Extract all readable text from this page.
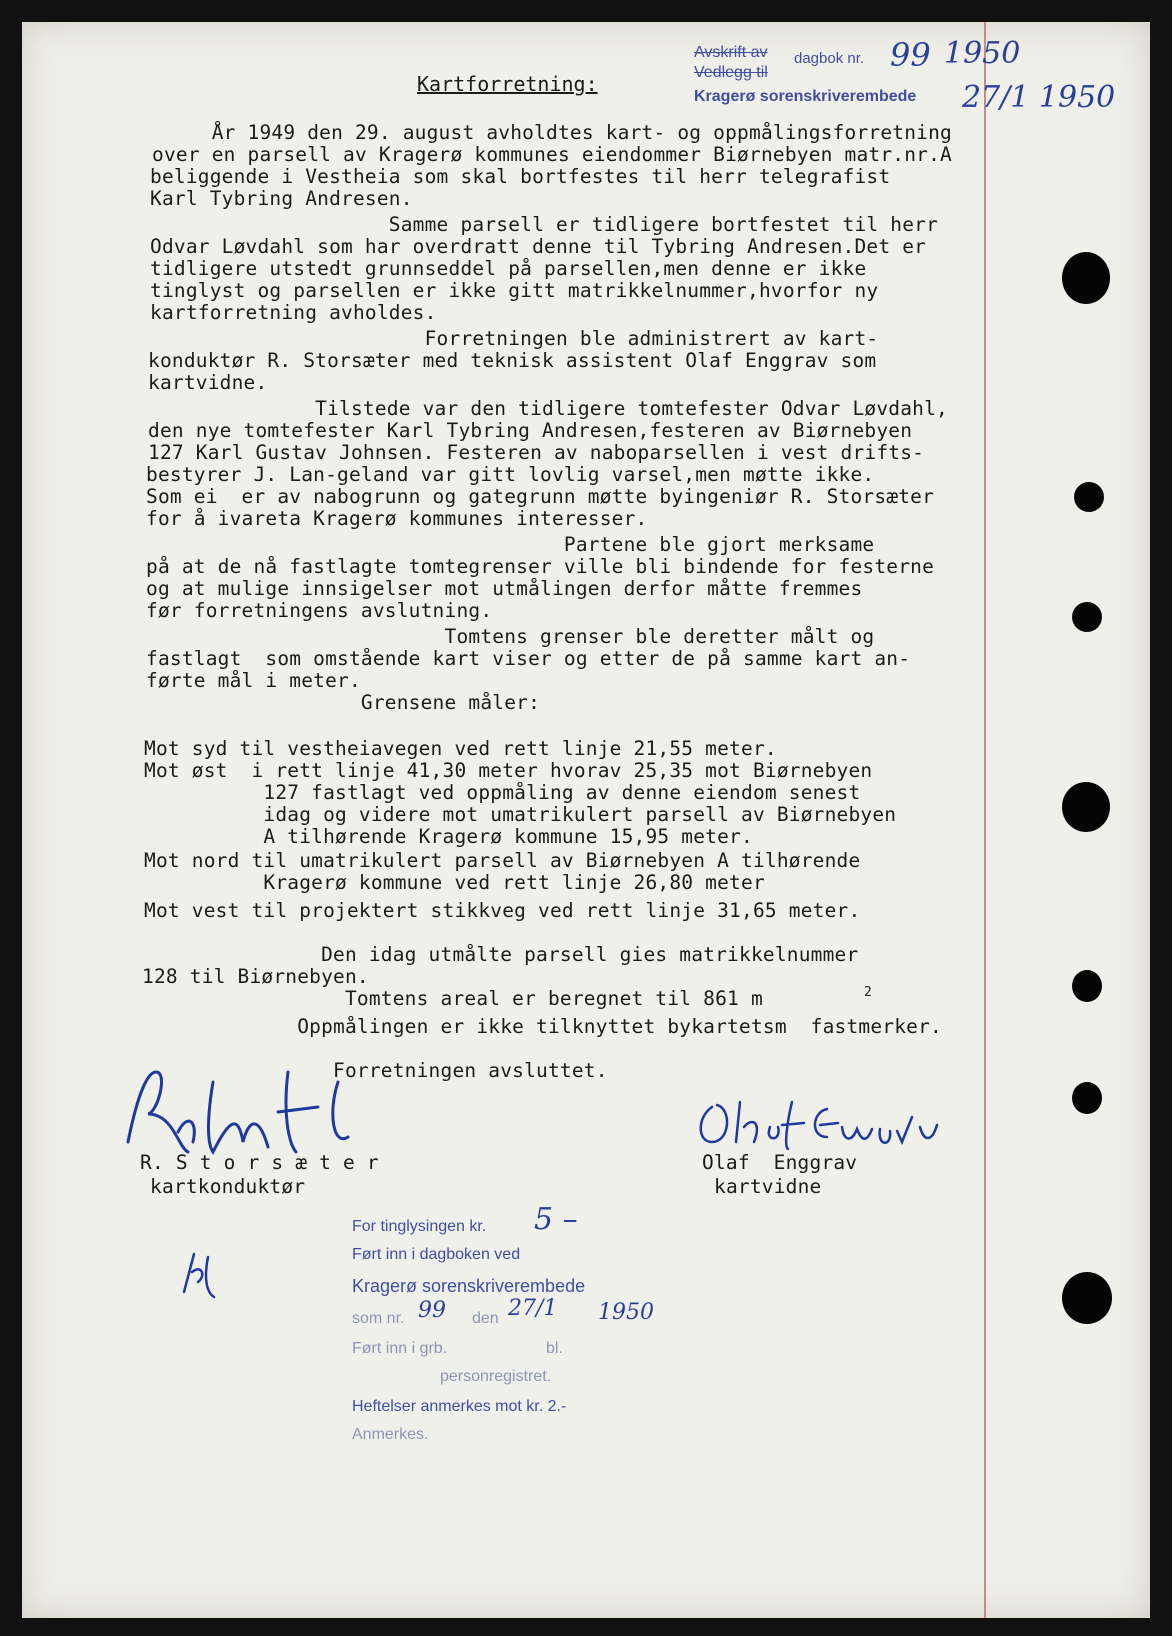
Avskrift av dagbok nr. 99 1950
Vedlegg til
Kragerø sorenskriverembede 27/1 1950
Kartforretning:
År 1949 den 29. august avholdtes kart- og oppmålingsforretning
over en parsell av Kragerø kommunes eiendommer Biørnebyen matr.nr.A
beliggende i Vestheia som skal bortfestes til herr telegrafist
Karl Tybring Andresen.
Samme parsell er tidligere bortfestet til herr
Odvar Løvdahl som har overdratt denne til Tybring Andresen.Det er
tidligere utstedt grunnseddel på parsellen,men denne er ikke
tinglyst og parsellen er ikke gitt matrikkelnummer,hvorfor ny
kartforretning avholdes.
Forretningen ble administrert av kart-
konduktør R. Storsæter med teknisk assistent Olaf Enggrav som
kartvidne.
Tilstede var den tidligere tomtefester Odvar Løvdahl,
den nye tomtefester Karl Tybring Andresen,festeren av Biørnebyen
127 Karl Gustav Johnsen. Festeren av naboparsellen i vest drifts-
bestyrer J. Lan-geland var gitt lovlig varsel,men møtte ikke.
Som ei  er av nabogrunn og gategrunn møtte byingeniør R. Storsæter
for å ivareta Kragerø kommunes interesser.
Partene ble gjort merksame
på at de nå fastlagte tomtegrenser ville bli bindende for festerne
og at mulige innsigelser mot utmålingen derfor måtte fremmes
før forretningens avslutning.
Tomtens grenser ble deretter målt og
fastlagt  som omstående kart viser og etter de på samme kart an-
førte mål i meter.
Grensene måler:
Mot syd til vestheiavegen ved rett linje 21,55 meter.
Mot øst  i rett linje 41,30 meter hvorav 25,35 mot Biørnebyen
127 fastlagt ved oppmåling av denne eiendom senest
idag og videre mot umatrikulert parsell av Biørnebyen
A tilhørende Kragerø kommune 15,95 meter.
Mot nord til umatrikulert parsell av Biørnebyen A tilhørende
Kragerø kommune ved rett linje 26,80 meter
Mot vest til projektert stikkveg ved rett linje 31,65 meter.
Den idag utmålte parsell gies matrikkelnummer
128 til Biørnebyen.
Tomtens areal er beregnet til 861 m
Oppmålingen er ikke tilknyttet bykartetsm  fastmerker.
Forretningen avsluttet.
2
R. S t o r s æ t e r
kartkonduktør
Olaf  Enggrav
kartvidne
For tinglysingen kr. 5 –
Ført inn i dagboken ved
Kragerø sorenskriverembede
som nr. 99 den 27/1 1950
Ført inn i grb.	bl.
personregistret.
Heftelser anmerkes mot kr. 2.-
Anmerkes.
